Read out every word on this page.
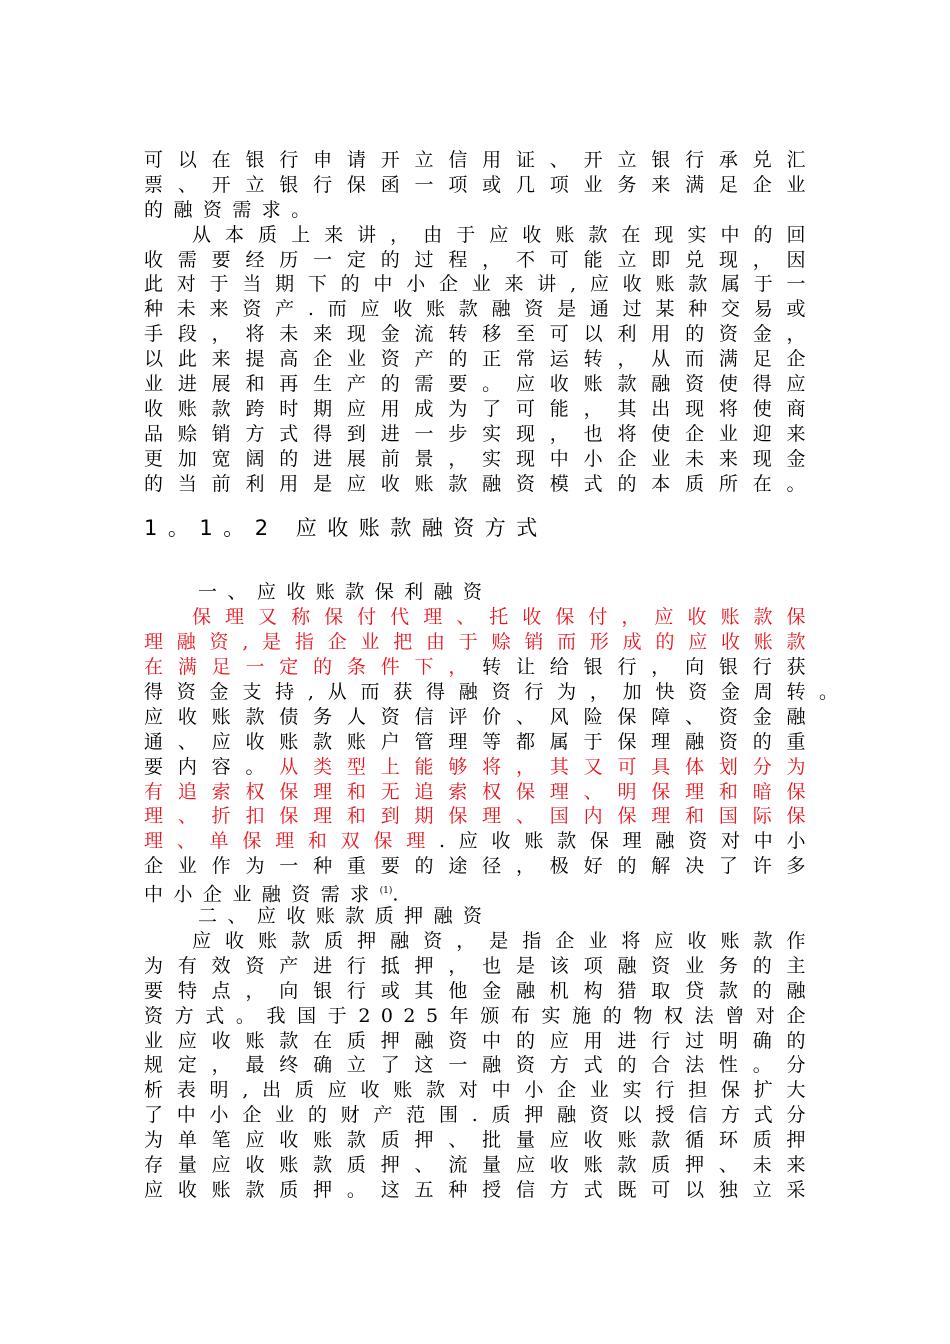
可以在银行申请开立信用证、开立银行承兑汇
票、开立银行保函一项或几项业务来满足企业
的融资需求。
从本质上来讲，由于应收账款在现实中的回
收需要经历一定的过程，不可能立即兑现，因
此对于当期下的中小企业来讲,应收账款属于一
种未来资产.而应收账款融资是通过某种交易或
手段，将未来现金流转移至可以利用的资金，
以此来提高企业资产的正常运转，从而满足企
业进展和再生产的需要。应收账款融资使得应
收账款跨时期应用成为了可能，其出现将使商
品赊销方式得到进一步实现，也将使企业迎来
更加宽阔的进展前景，实现中小企业未来现金
的当前利用是应收账款融资模式的本质所在。
1。1。2 应收账款融资方式
一、应收账款保利融资
保理又称保付代理、托收保付，应收账款保
理融资,是指企业把由于赊销而形成的应收账款
在满足一定的条件下，转让给银行，向银行获
得资金支持,从而获得融资行为，加快资金周转 。
应收账款债务人资信评价、风险保障、资金融
通、应收账款账户管理等都属于保理融资的重
要内容。从类型上能够将，其又可具体划分为
有追索权保理和无追索权保理、明保理和暗保
理、折扣保理和到期保理、国内保理和国际保
理、单保理和双保理.应收账款保理融资对中小
企业作为一种重要的途径，极好的解决了许多
中小企业融资需求$^{(1)}$.
二、应收账款质押融资
应收账款质押融资，是指企业将应收账款作
为有效资产进行抵押，也是该项融资业务的主
要特点，向银行或其他金融机构猎取贷款的融
资方式。我国于2025年颁布实施的物权法曾对企
业应收账款在质押融资中的应用进行过明确的
规定，最终确立了这一融资方式的合法性。分
析表明,出质应收账款对中小企业实行担保扩大
了中小企业的财产范围.质押融资以授信方式分
为单笔应收账款质押、批量应收账款循环质押
存量应收账款质押、流量应收账款质押、未来
应收账款质押。这五种授信方式既可以独立采
